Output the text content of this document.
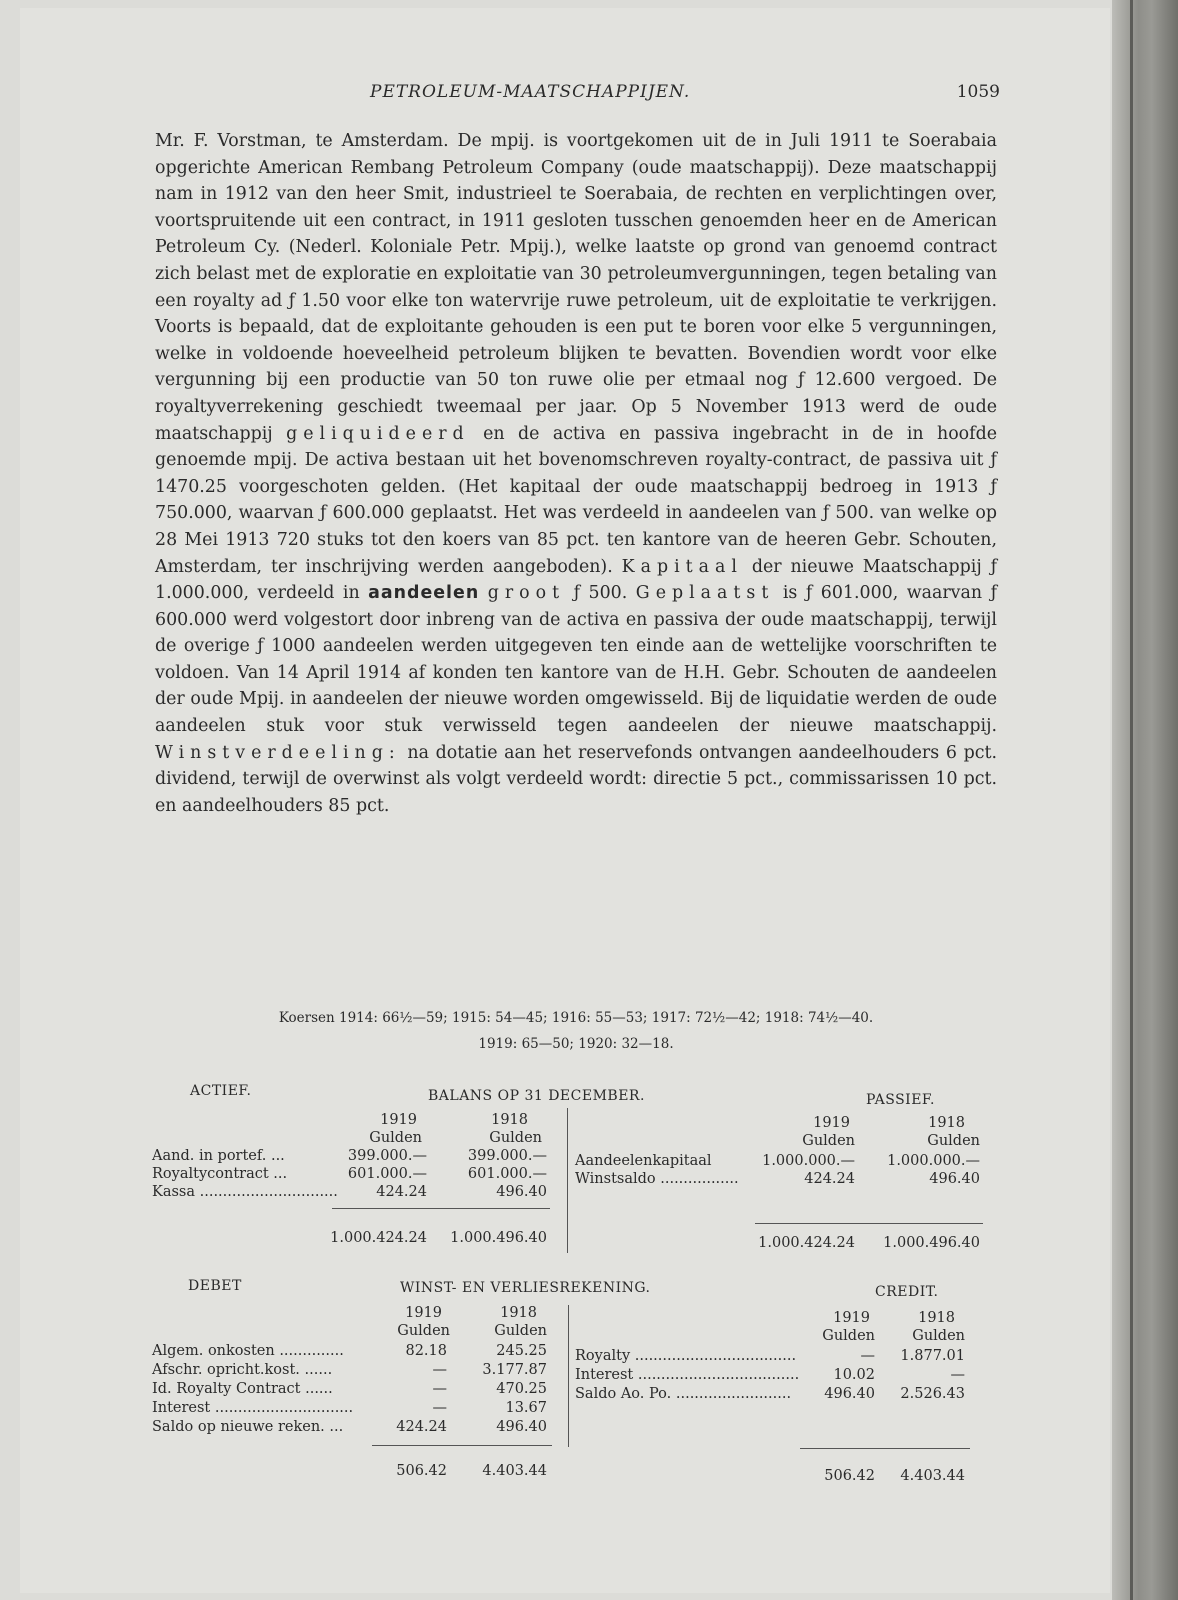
PETROLEUM-MAATSCHAPPIJEN.	1059

Mr. F. Vorstman, te Amsterdam. De mpij. is voortgekomen uit de in Juli 1911 te Soerabaia opgerichte American Rembang Petroleum Company (oude maatschappij). Deze maatschappij nam in 1912 van den heer Smit, industrieel te Soerabaia, de rechten en verplichtingen over, voortspruitende uit een contract, in 1911 gesloten tusschen genoemden heer en de American Petroleum Cy. (Nederl. Koloniale Petr. Mpij.), welke laatste op grond van genoemd contract zich belast met de exploratie en exploitatie van 30 petroleumvergunningen, tegen betaling van een royalty ad ƒ 1.50 voor elke ton watervrije ruwe petroleum, uit de exploitatie te verkrijgen. Voorts is bepaald, dat de exploitante gehouden is een put te boren voor elke 5 vergunningen, welke in voldoende hoeveelheid petroleum blijken te bevatten. Bovendien wordt voor elke vergunning bij een productie van 50 ton ruwe olie per etmaal nog ƒ 12.600 vergoed. De royaltyverrekening geschiedt tweemaal per jaar. Op 5 November 1913 werd de oude maatschappij geliquideerd en de activa en passiva ingebracht in de in hoofde genoemde mpij. De activa bestaan uit het bovenomschreven royalty-contract, de passiva uit ƒ 1470.25 voorgeschoten gelden. (Het kapitaal der oude maatschappij bedroeg in 1913 ƒ 750.000, waarvan ƒ 600.000 geplaatst. Het was verdeeld in aandeelen van ƒ 500. van welke op 28 Mei 1913 720 stuks tot den koers van 85 pct. ten kantore van de heeren Gebr. Schouten, Amsterdam, ter inschrijving werden aangeboden). Kapitaal der nieuwe Maatschappij ƒ 1.000.000, verdeeld in aandeelen groot ƒ 500. Geplaatst is ƒ 601.000, waarvan ƒ 600.000 werd volgestort door inbreng van de activa en passiva der oude maatschappij, terwijl de overige ƒ 1000 aandeelen werden uitgegeven ten einde aan de wettelijke voorschriften te voldoen. Van 14 April 1914 af konden ten kantore van de H.H. Gebr. Schouten de aandeelen der oude Mpij. in aandeelen der nieuwe worden omgewisseld. Bij de liquidatie werden de oude aandeelen stuk voor stuk verwisseld tegen aandeelen der nieuwe maatschappij. Winstverdeeling: na dotatie aan het reservefonds ontvangen aandeelhouders 6 pct. dividend, terwijl de overwinst als volgt verdeeld wordt: directie 5 pct., commissarissen 10 pct. en aandeelhouders 85 pct.

Koersen 1914: 66½—59; 1915: 54—45; 1916: 55—53; 1917: 72½—42; 1918: 74½—40.
1919: 65—50; 1920: 32—18.
ACTIEF.	BALANS OP 31 DECEMBER.	PASSIEF.
1919	1918
Gulden	Gulden
Aand. in portef. ...	399.000.—	399.000.—
Royaltycontract ...	601.000.—	601.000.—
Kassa ..............................	424.24	496.40
1.000.424.24	1.000.496.40
1919	1918
Gulden	Gulden
Aandeelenkapitaal	1.000.000.—	1.000.000.—
Winstsaldo .................	424.24	496.40
1.000.424.24	1.000.496.40
DEBET	WINST- EN VERLIESREKENING.	CREDIT.
1919	1918
Gulden	Gulden
Algem. onkosten ..............	82.18	245.25
Afschr. opricht.kost. ......	—	3.177.87
Id. Royalty Contract ......	—	470.25
Interest ..............................	—	13.67
Saldo op nieuwe reken. ...	424.24	496.40
506.42	4.403.44
1919	1918
Gulden	Gulden
Royalty ...................................	—	1.877.01
Interest ...................................	10.02	—
Saldo Ao. Po. .........................	496.40	2.526.43
506.42	4.403.44
